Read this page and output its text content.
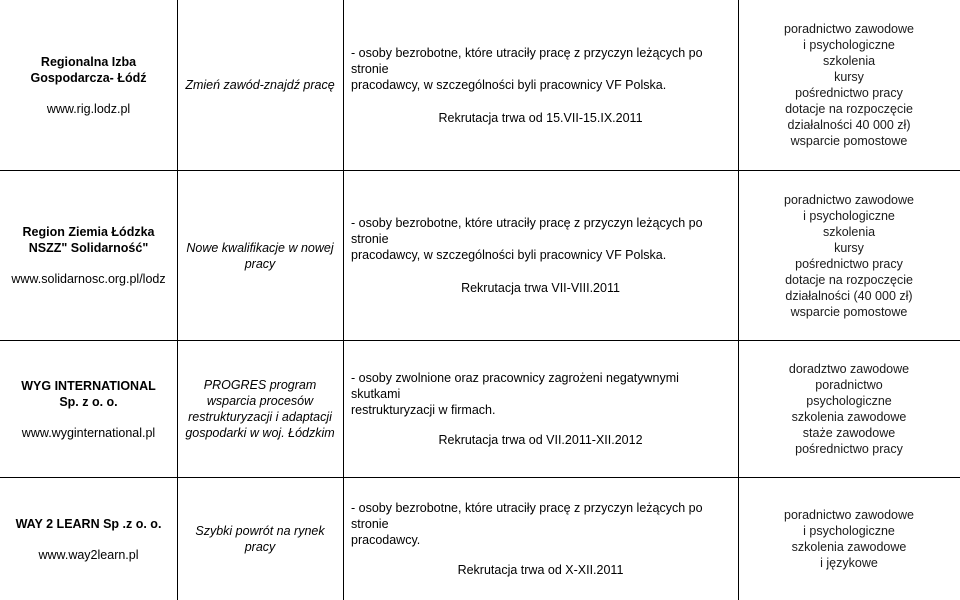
Regionalna Izba
Gospodarcza- Łódź
www.rig.lodz.pl
Zmień zawód-znajdź pracę
- osoby bezrobotne, które utraciły pracę z przyczyn leżących po stronie
pracodawcy, w szczególności byli pracownicy VF Polska.
Rekrutacja trwa od 15.VII-15.IX.2011
poradnictwo zawodowe
i psychologiczne
szkolenia
kursy
pośrednictwo pracy
dotacje na rozpoczęcie
działalności 40 000 zł)
wsparcie pomostowe
Region Ziemia Łódzka
NSZZ" Solidarność"
www.solidarnosc.org.pl/lodz
Nowe kwalifikacje w nowej
pracy
- osoby bezrobotne, które utraciły pracę z przyczyn leżących po stronie
pracodawcy, w szczególności byli pracownicy VF Polska.
Rekrutacja trwa VII-VIII.2011
poradnictwo zawodowe
i psychologiczne
szkolenia
kursy
pośrednictwo pracy
dotacje na rozpoczęcie
działalności (40 000 zł)
wsparcie pomostowe
WYG INTERNATIONAL
Sp. z o. o.
www.wyginternational.pl
PROGRES program
wsparcia procesów
restrukturyzacji i adaptacji
gospodarki w woj. Łódzkim
- osoby zwolnione oraz pracownicy zagrożeni negatywnymi skutkami
restrukturyzacji w firmach.
Rekrutacja trwa od VII.2011-XII.2012
doradztwo zawodowe
poradnictwo
psychologiczne
szkolenia zawodowe
staże zawodowe
pośrednictwo pracy
WAY 2 LEARN Sp .z o. o.
www.way2learn.pl
Szybki powrót na rynek
pracy
- osoby bezrobotne, które utraciły pracę z przyczyn leżących po stronie
pracodawcy.
Rekrutacja trwa od X-XII.2011
poradnictwo zawodowe
i psychologiczne
szkolenia zawodowe
i językowe
